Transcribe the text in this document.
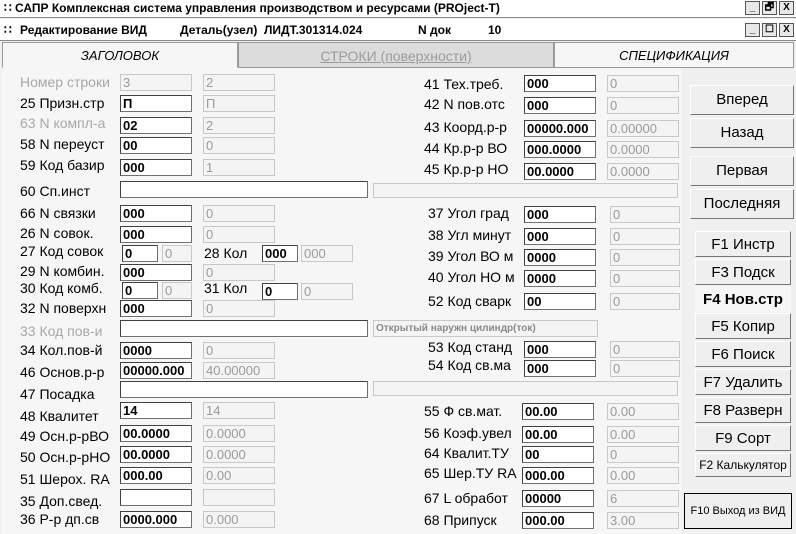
∷ САПР Комплексная система управления производством и ресурсами (PROject-T)	_ 🗗 X
∷ Редактирование ВИД	Деталь(узел) ЛИДТ.301314.024	N док	10	_ ☐ X
ЗАГОЛОВОК	СТРОКИ (поверхности)	СПЕЦИФИКАЦИЯ
Номер строки 3	2
25 Призн.стр П	П
63 N компл-а 02	2
58 N переуст 00	0
59 Код базир 000	1
60 Сп.инст
66 N связки 000	0
26 N совок. 000	0
27 Код совок 0	0	28 Кол 000	000
29 N комбин. 000	0
30 Код комб. 0	0	31 Кол 0	0
32 N поверхн 000	0
33 Код пов-и	Открытый наружн цилиндр(ток)
34 Кол.пов-й 0000	0
46 Основ.р-р 00000.000	40.00000
47 Посадка
48 Квалитет 14	14
49 Осн.р-рВО 00.0000	0.0000
50 Осн.р-рНО 00.0000	0.0000
51 Шерох. RA 000.00	0.00
35 Доп.свед.
36 Р-р дп.св 0000.000	0.000
41 Тех.треб. 000	0
42 N пов.отс 000	0
43 Коорд.р-р 00000.000	0.00000
44 Кр.р-р ВО 000.0000	0.0000
45 Кр.р-р НО 00.0000	0.0000
37 Угол град 000	0
38 Угл минут 000	0
39 Угол ВО м 0000	0
40 Угол НО м 0000	0
52 Код сварк 00	0
53 Код станд 000	0
54 Код св.ма 000	0
55 Ф св.мат. 00.00	0.00
56 Коэф.увел 00.00	0.00
64 Квалит.ТУ 00	0
65 Шер.ТУ RA 000.00	0.00
67 L обработ 00000	6
68 Припуск 000.00	3.00
Вперед
Назад
Первая
Последняя
F1 Инстр
F3 Подск
F4 Нов.стр
F5 Копир
F6 Поиск
F7 Удалить
F8 Разверн
F9 Сорт
F2 Калькулятор
F10 Выход из ВИД
